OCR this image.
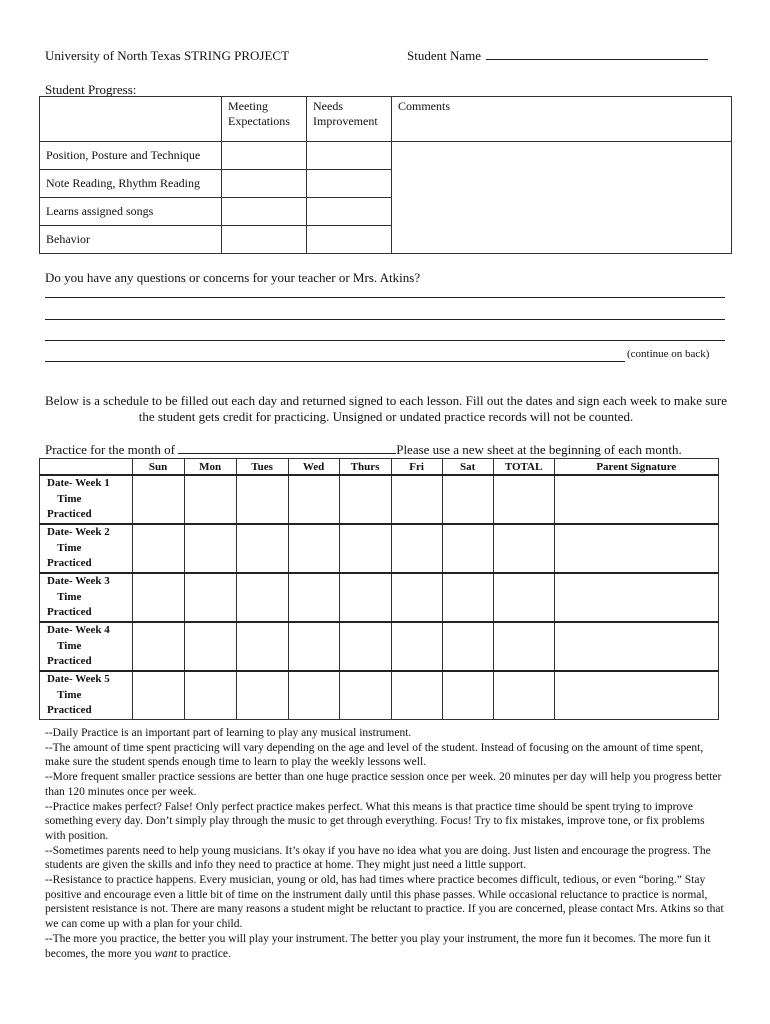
University of North Texas STRING PROJECT	Student Name
Student Progress:
	Meeting Expectations	Needs Improvement	Comments
Position, Posture and Technique			
Note Reading, Rhythm Reading			
Learns assigned songs			
Behavior			
Do you have any questions or concerns for your teacher or Mrs. Atkins?
(continue on back)
Below is a schedule to be filled out each day and returned signed to each lesson. Fill out the dates and sign each week to make sure the student gets credit for practicing. Unsigned or undated practice records will not be counted.
Practice for the month of	Please use a new sheet at the beginning of each month.
	Sun	Mon	Tues	Wed	Thurs	Fri	Sat	TOTAL	Parent Signature
Date- Week 1
Time
Practiced									

Date- Week 2
Time
Practiced									

Date- Week 3
Time
Practiced									

Date- Week 4
Time
Practiced									

Date- Week 5
Time
Practiced									

--Daily Practice is an important part of learning to play any musical instrument.

--The amount of time spent practicing will vary depending on the age and level of the student. Instead of focusing on the amount of time spent, make sure the student spends enough time to learn to play the weekly lessons well.

--More frequent smaller practice sessions are better than one huge practice session once per week. 20 minutes per day will help you progress better than 120 minutes once per week.

--Practice makes perfect? False! Only perfect practice makes perfect. What this means is that practice time should be spent trying to improve something every day. Don’t simply play through the music to get through everything. Focus! Try to fix mistakes, improve tone, or fix problems with position.

--Sometimes parents need to help young musicians. It’s okay if you have no idea what you are doing. Just listen and encourage the progress. The students are given the skills and info they need to practice at home. They might just need a little support.

--Resistance to practice happens. Every musician, young or old, has had times where practice becomes difficult, tedious, or even “boring.” Stay positive and encourage even a little bit of time on the instrument daily until this phase passes. While occasional reluctance to practice is normal, persistent resistance is not. There are many reasons a student might be reluctant to practice. If you are concerned, please contact Mrs. Atkins so that we can come up with a plan for your child.

--The more you practice, the better you will play your instrument. The better you play your instrument, the more fun it becomes. The more fun it becomes, the more you want to practice.
